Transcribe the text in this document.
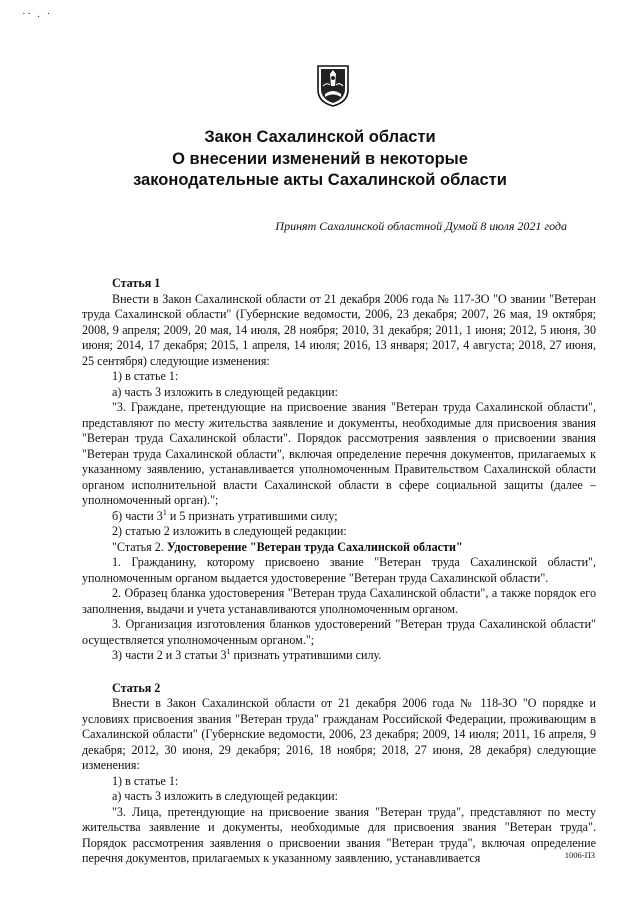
·∙ . ·
Закон Сахалинской области
О внесении изменений в некоторые
законодательные акты Сахалинской области
Принят Сахалинской областной Думой 8 июля 2021 года

Статья 1

Внести в Закон Сахалинской области от 21 декабря 2006 года № 117-ЗО "О звании "Ветеран труда Сахалинской области" (Губернские ведомости, 2006, 23 декабря; 2007, 26 мая, 19 октября; 2008, 9 апреля; 2009, 20 мая, 14 июля, 28 ноября; 2010, 31 декабря; 2011, 1 июня; 2012, 5 июня, 30 июня; 2014, 17 декабря; 2015, 1 апреля, 14 июля; 2016, 13 января; 2017, 4 августа; 2018, 27 июня, 25 сентября) следующие изменения:

1) в статье 1:

а) часть 3 изложить в следующей редакции:

"3. Граждане, претендующие на присвоение звания "Ветеран труда Сахалинской области", представляют по месту жительства заявление и документы, необходимые для присвоения звания "Ветеран труда Сахалинской области". Порядок рассмотрения заявления о присвоении звания "Ветеран труда Сахалинской области", включая определение перечня документов, прилагаемых к указанному заявлению, устанавливается уполномоченным Правительством Сахалинской области органом исполнительной власти Сахалинской области в сфере социальной защиты (далее – уполномоченный орган).";

б) части $3^1$ и 5 признать утратившими силу;

2) статью 2 изложить в следующей редакции:

"Статья 2. Удостоверение "Ветеран труда Сахалинской области"

1. Гражданину, которому присвоено звание "Ветеран труда Сахалинской области", уполномоченным органом выдается удостоверение "Ветеран труда Сахалинской области".

2. Образец бланка удостоверения "Ветеран труда Сахалинской области", а также порядок его заполнения, выдачи и учета устанавливаются уполномоченным органом.

3. Организация изготовления бланков удостоверений "Ветеран труда Сахалинской области" осуществляется уполномоченным органом.";

3) части 2 и 3 статьи $3^1$ признать утратившими силу.

Статья 2

Внести в Закон Сахалинской области от 21 декабря 2006 года № 118-ЗО "О порядке и условиях присвоения звания "Ветеран труда" гражданам Российской Федерации, проживающим в Сахалинской области" (Губернские ведомости, 2006, 23 декабря; 2009, 14 июля; 2011, 16 апреля, 9 декабря; 2012, 30 июня, 29 декабря; 2016, 18 ноября; 2018, 27 июня, 28 декабря) следующие изменения:

1) в статье 1:

а) часть 3 изложить в следующей редакции:

"3. Лица, претендующие на присвоение звания "Ветеран труда", представляют по месту жительства заявление и документы, необходимые для присвоения звания "Ветеран труда". Порядок рассмотрения заявления о присвоении звания "Ветеран труда", включая определение перечня документов, прилагаемых к указанному заявлению, устанавливается	1006-ПЗ
